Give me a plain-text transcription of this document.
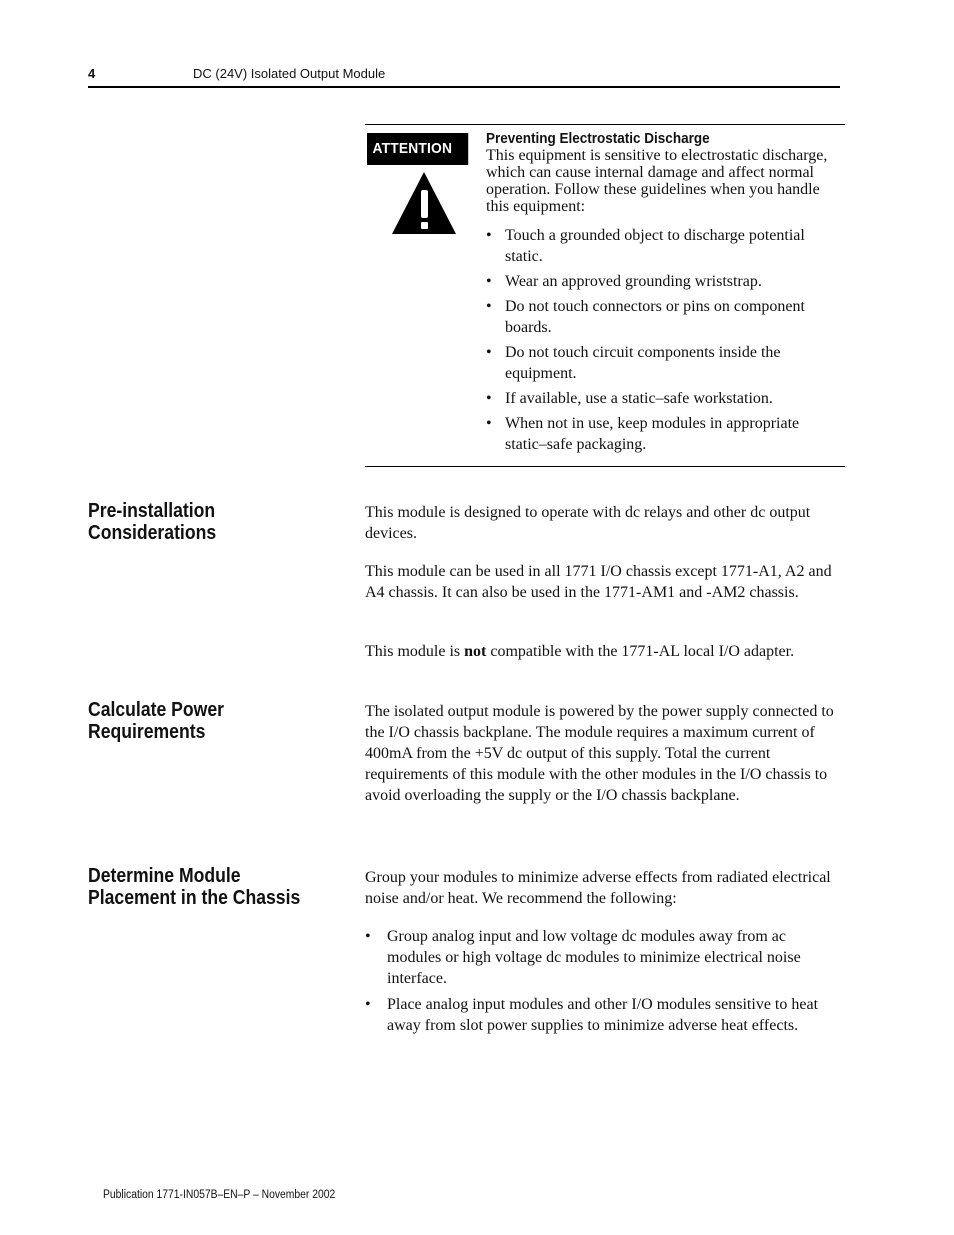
4	DC (24V) Isolated Output Module
ATTENTION
Preventing Electrostatic Discharge
This equipment is sensitive to electrostatic discharge, which can cause internal damage and affect normal operation. Follow these guidelines when you handle this equipment:
• Touch a grounded object to discharge potential static.
• Wear an approved grounding wriststrap.
• Do not touch connectors or pins on component boards.
• Do not touch circuit components inside the equipment.
• If available, use a static–safe workstation.
• When not in use, keep modules in appropriate static–safe packaging.
Pre-installation
Considerations

This module is designed to operate with dc relays and other dc output devices.

This module can be used in all 1771 I/O chassis except 1771-A1, A2 and A4 chassis. It can also be used in the 1771-AM1 and -AM2 chassis.

This module is not compatible with the 1771-AL local I/O adapter.

Calculate Power
Requirements

The isolated output module is powered by the power supply connected to the I/O chassis backplane. The module requires a maximum current of 400mA from the +5V dc output of this supply. Total the current requirements of this module with the other modules in the I/O chassis to avoid overloading the supply or the I/O chassis backplane.

Determine Module
Placement in the Chassis

Group your modules to minimize adverse effects from radiated electrical noise and/or heat. We recommend the following:

• Group analog input and low voltage dc modules away from ac modules or high voltage dc modules to minimize electrical noise interface.
• Place analog input modules and other I/O modules sensitive to heat away from slot power supplies to minimize adverse heat effects.
Publication 1771-IN057B–EN–P – November 2002
